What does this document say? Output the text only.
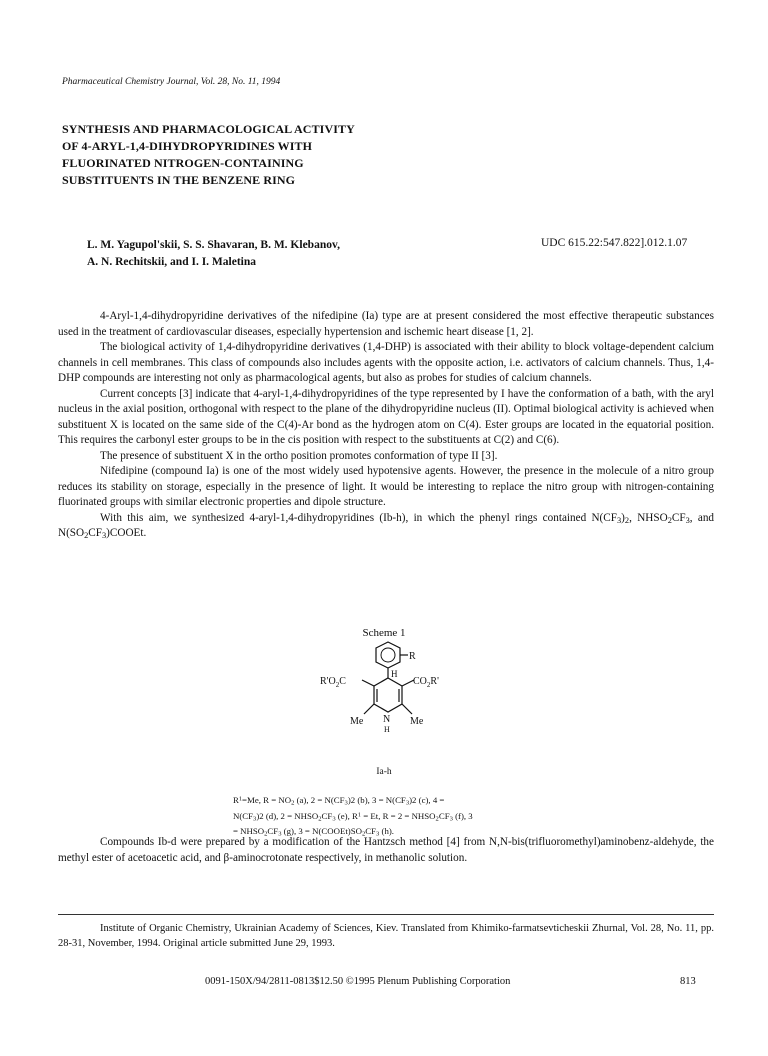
Pharmaceutical Chemistry Journal, Vol. 28, No. 11, 1994
SYNTHESIS AND PHARMACOLOGICAL ACTIVITY
OF 4-ARYL-1,4-DIHYDROPYRIDINES WITH
FLUORINATED NITROGEN-CONTAINING
SUBSTITUENTS IN THE BENZENE RING
L. M. Yagupol'skii, S. S. Shavaran, B. M. Klebanov,
A. N. Rechitskii, and I. I. Maletina
UDC 615.22:547.822].012.1.07

4-Aryl-1,4-dihydropyridine derivatives of the nifedipine (Ia) type are at present considered the most effective therapeutic substances used in the treatment of cardiovascular diseases, especially hypertension and ischemic heart disease [1, 2].

The biological activity of 1,4-dihydropyridine derivatives (1,4-DHP) is associated with their ability to block voltage-dependent calcium channels in cell membranes. This class of compounds also includes agents with the opposite action, i.e. activators of calcium channels. Thus, 1,4-DHP compounds are interesting not only as pharmacological agents, but also as probes for studies of calcium channels.

Current concepts [3] indicate that 4-aryl-1,4-dihydropyridines of the type represented by I have the conformation of a bath, with the aryl nucleus in the axial position, orthogonal with respect to the plane of the dihydropyridine nucleus (II). Optimal biological activity is achieved when substituent X is located on the same side of the C(4)-Ar bond as the hydrogen atom on C(4). Ester groups are located in the equatorial position. This requires the carbonyl ester groups to be in the cis position with respect to the substituents at C(2) and C(6).

The presence of substituent X in the ortho position promotes conformation of type II [3].

Nifedipine (compound Ia) is one of the most widely used hypotensive agents. However, the presence in the molecule of a nitro group reduces its stability on storage, especially in the presence of light. It would be interesting to replace the nitro group with nitrogen-containing fluorinated groups with similar electronic properties and dipole structure.

With this aim, we synthesized 4-aryl-1,4-dihydropyridines (Ib-h), in which the phenyl rings contained $N(CF_3)_2$, $NHSO_2CF_3$, and $N(SO_2CF_3)COOEt$.

Scheme 1
R
H
$R'O_2C$	$CO_2R'$
Me	Me
N
H
Ia-h
$R^1=Me$, $R = NO_2$ (a), $2 = N(CF_3)2$ (b), $3 = N(CF_3)2$ (c), 4 =
$N(CF_3)2$ (d), $2 = NHSO_2CF_3$ (e), $R^1 = Et$, $R = 2 = NHSO_2CF_3$ (f), 3
= $NHSO_2CF_3$ (g), $3 = N(COOEt)SO_2CF_3$ (h).

Compounds Ib-d were prepared by a modification of the Hantzsch method [4] from N,N-bis(trifluoromethyl)aminobenz-aldehyde, the methyl ester of acetoacetic acid, and β-aminocrotonate respectively, in methanolic solution.

Institute of Organic Chemistry, Ukrainian Academy of Sciences, Kiev. Translated from Khimiko-farmatsevticheskii Zhurnal, Vol. 28, No. 11, pp. 28-31, November, 1994. Original article submitted June 29, 1993.

0091-150X/94/2811-0813$12.50 ©1995 Plenum Publishing Corporation	813
